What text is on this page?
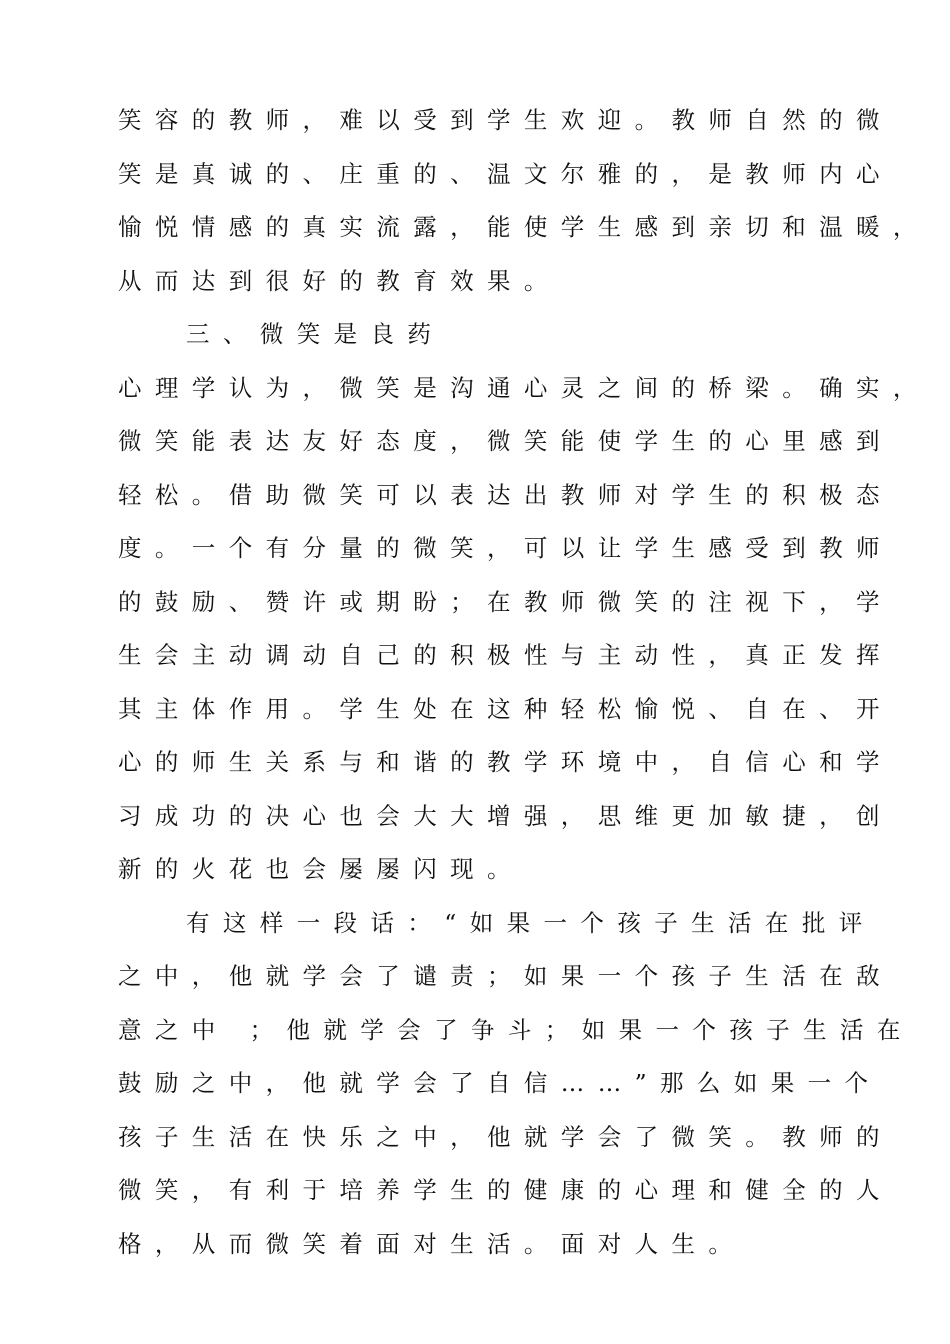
笑容的教师，难以受到学生欢迎。教师自然的微
笑是真诚的、庄重的、温文尔雅的，是教师内心
愉悦情感的真实流露，能使学生感到亲切和温暖，
从而达到很好的教育效果。
三、微笑是良药
心理学认为，微笑是沟通心灵之间的桥梁。确实，
微笑能表达友好态度，微笑能使学生的心里感到
轻松。借助微笑可以表达出教师对学生的积极态
度。一个有分量的微笑，可以让学生感受到教师
的鼓励、赞许或期盼；在教师微笑的注视下，学
生会主动调动自己的积极性与主动性，真正发挥
其主体作用。学生处在这种轻松愉悦、自在、开
心的师生关系与和谐的教学环境中，自信心和学
习成功的决心也会大大增强，思维更加敏捷，创
新的火花也会屡屡闪现。
有这样一段话：“如果一个孩子生活在批评
之中，他就学会了谴责；如果一个孩子生活在敌
意之中 ；他就学会了争斗；如果一个孩子生活在
鼓励之中，他就学会了自信……”那么如果一个
孩子生活在快乐之中，他就学会了微笑。教师的
微笑，有利于培养学生的健康的心理和健全的人
格，从而微笑着面对生活。面对人生。
